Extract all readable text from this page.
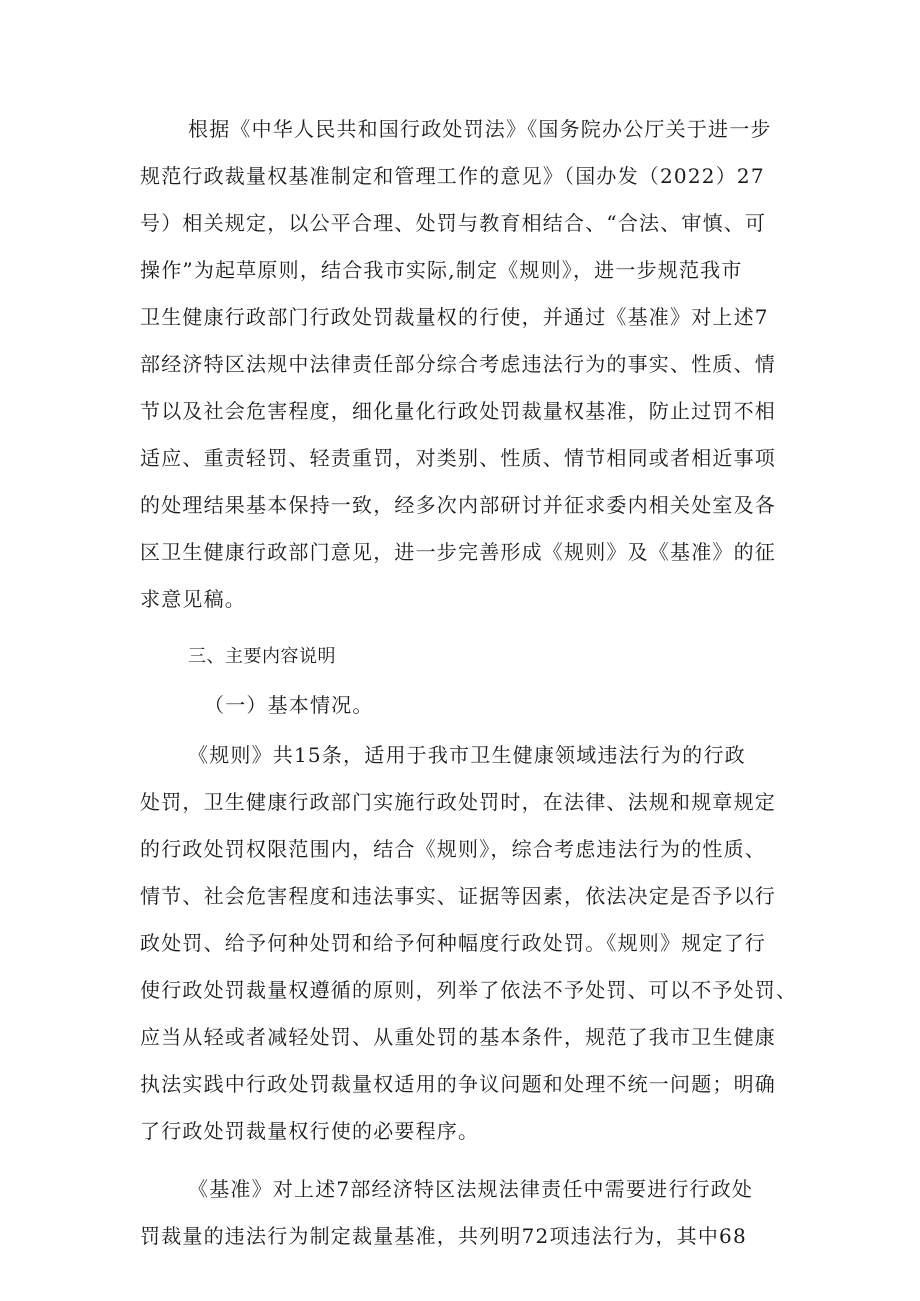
根据《中华人民共和国行政处罚法》《国务院办公厅关于进一步
规范行政裁量权基准制定和管理工作的意见》（国办发（2022）27
号）相关规定，以公平合理、处罚与教育相结合、“合法、审慎、可
操作”为起草原则，结合我市实际,制定《规则》，进一步规范我市
卫生健康行政部门行政处罚裁量权的行使，并通过《基准》对上述7
部经济特区法规中法律责任部分综合考虑违法行为的事实、性质、情
节以及社会危害程度，细化量化行政处罚裁量权基准，防止过罚不相
适应、重责轻罚、轻责重罚，对类别、性质、情节相同或者相近事项
的处理结果基本保持一致，经多次内部研讨并征求委内相关处室及各
区卫生健康行政部门意见，进一步完善形成《规则》及《基准》的征
求意见稿。
三、主要内容说明
（一）基本情况。
《规则》共15条，适用于我市卫生健康领域违法行为的行政
处罚，卫生健康行政部门实施行政处罚时，在法律、法规和规章规定
的行政处罚权限范围内，结合《规则》，综合考虑违法行为的性质、
情节、社会危害程度和违法事实、证据等因素，依法决定是否予以行
政处罚、给予何种处罚和给予何种幅度行政处罚。《规则》规定了行
使行政处罚裁量权遵循的原则，列举了依法不予处罚、可以不予处罚、
应当从轻或者减轻处罚、从重处罚的基本条件，规范了我市卫生健康
执法实践中行政处罚裁量权适用的争议问题和处理不统一问题；明确
了行政处罚裁量权行使的必要程序。
《基准》对上述7部经济特区法规法律责任中需要进行行政处
罚裁量的违法行为制定裁量基准，共列明72项违法行为，其中68
